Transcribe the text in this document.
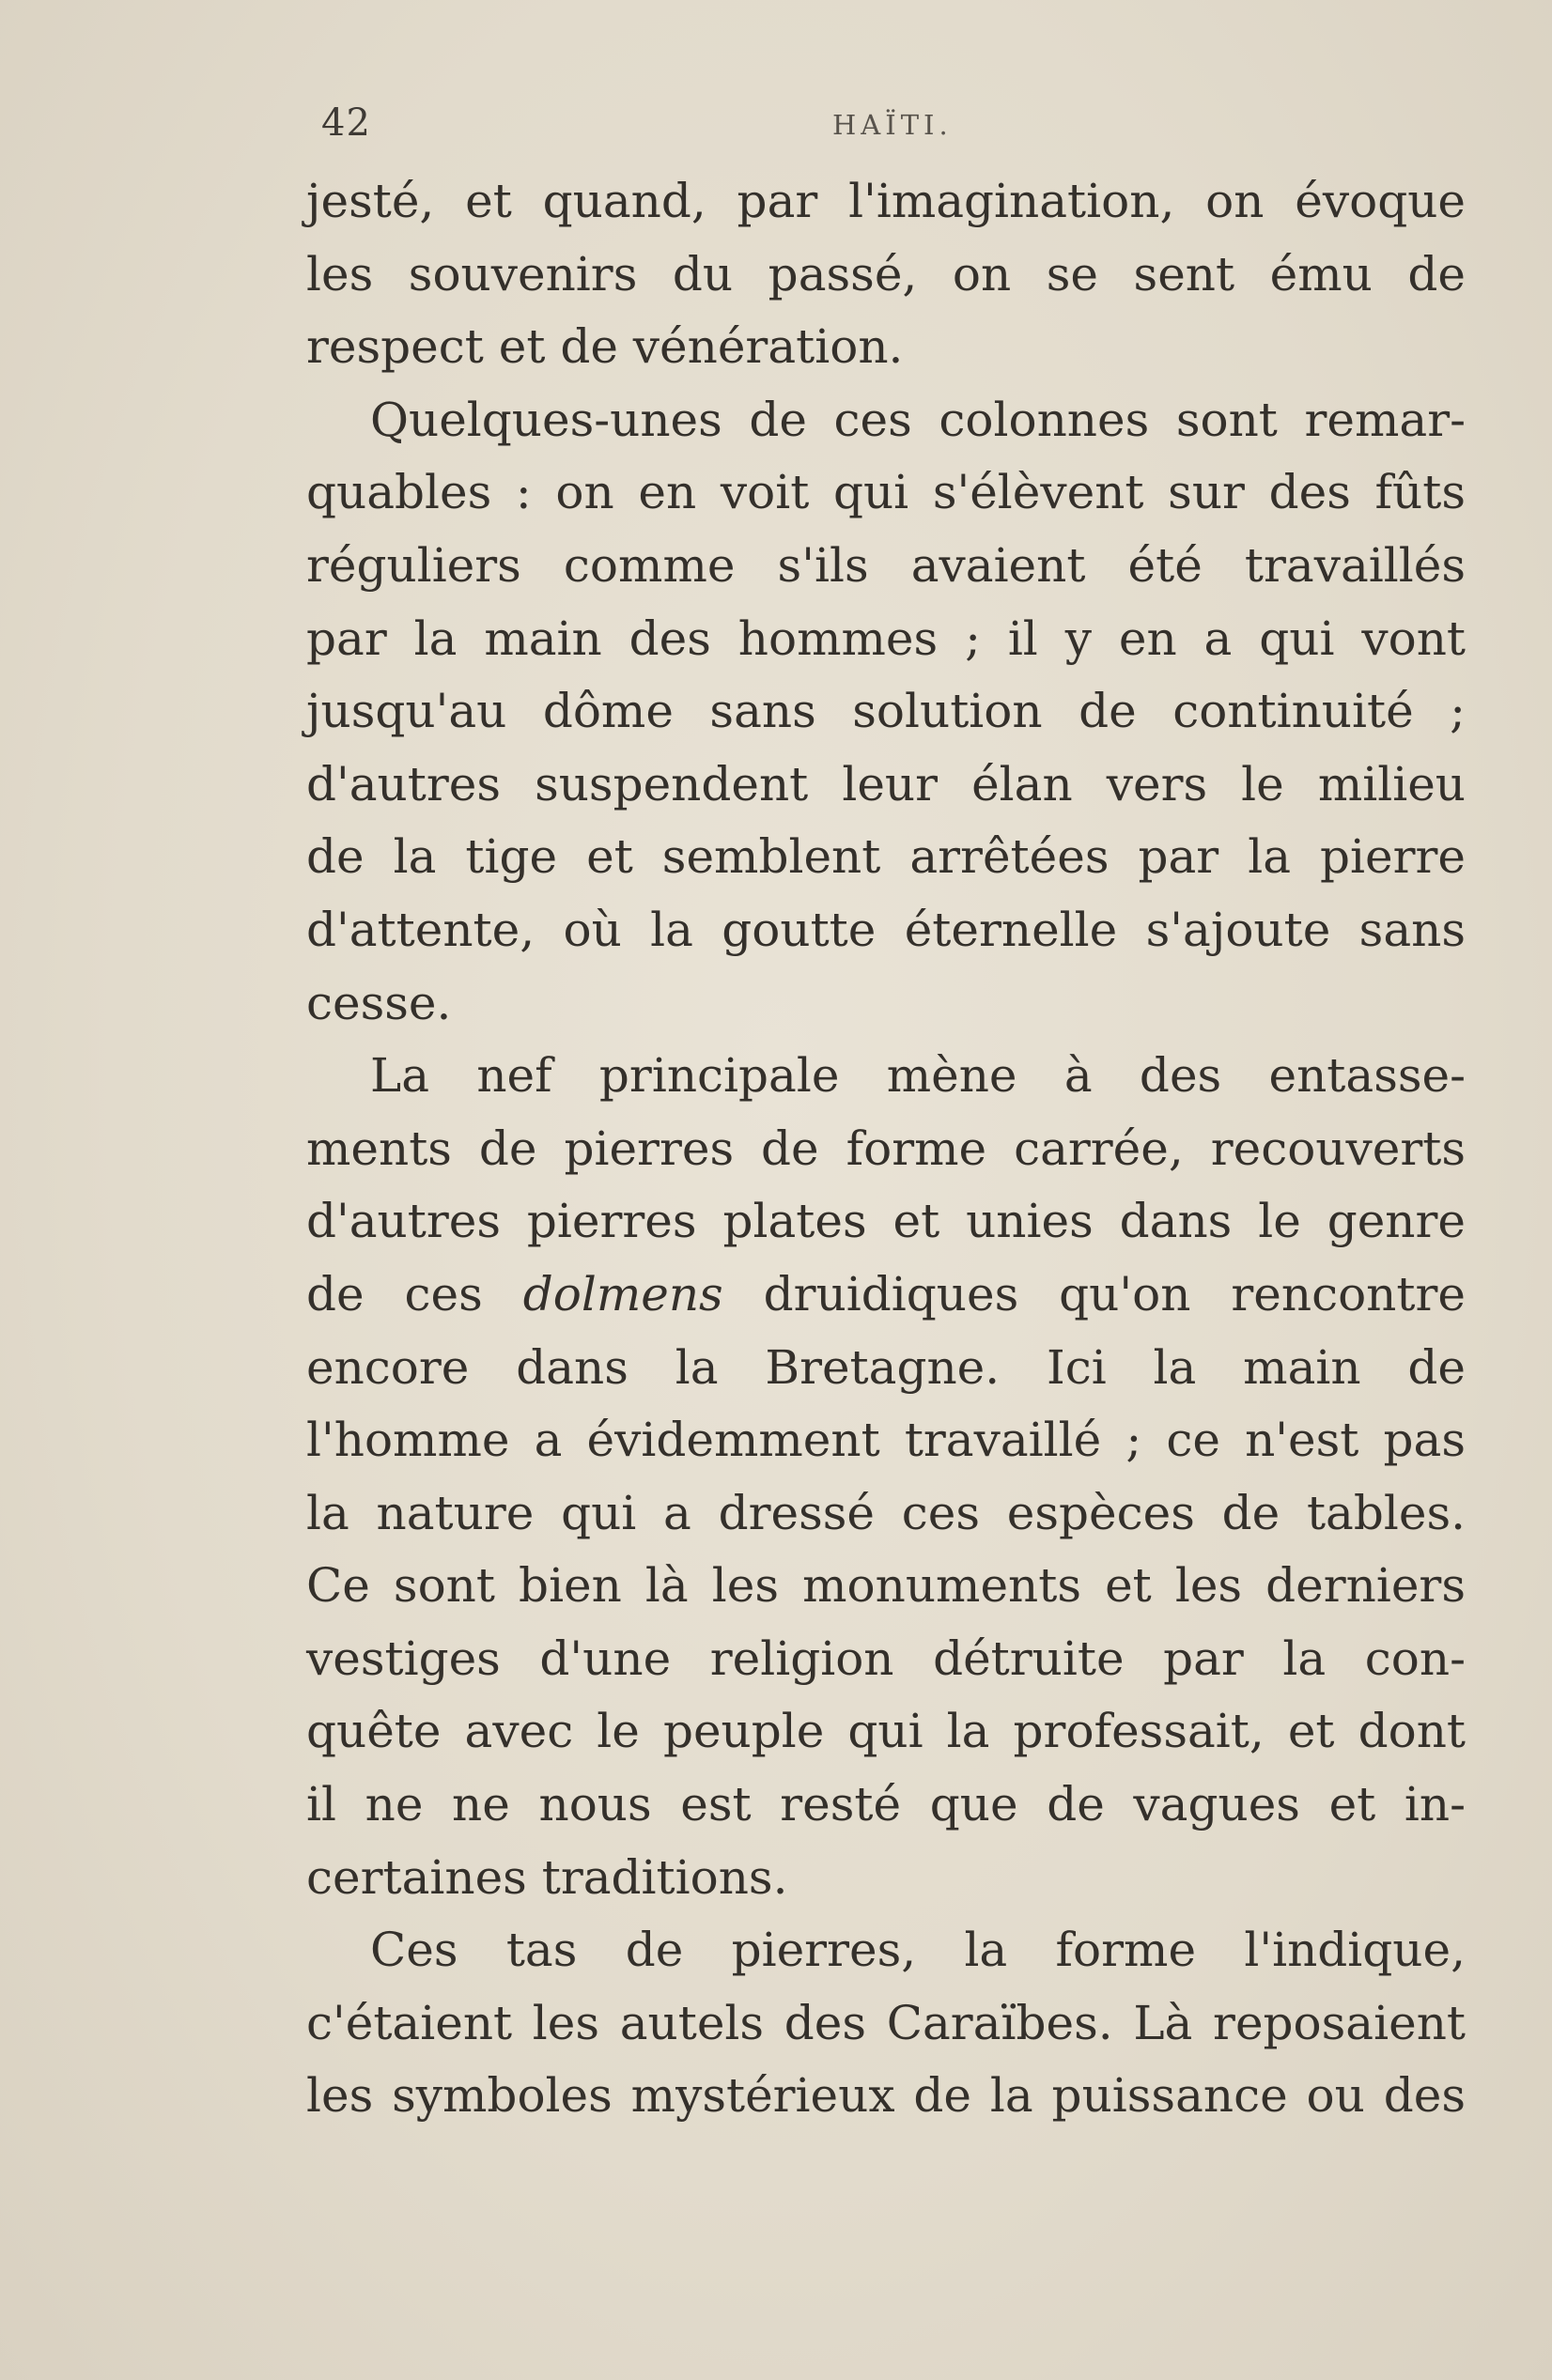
42	HAÏTI.
jesté, et quand, par l'imagination, on évoque
les souvenirs du passé, on se sent ému de
respect et de vénération.
Quelques-unes de ces colonnes sont remar-
quables : on en voit qui s'élèvent sur des fûts
réguliers comme s'ils avaient été travaillés
par la main des hommes ; il y en a qui vont
jusqu'au dôme sans solution de continuité ;
d'autres suspendent leur élan vers le milieu
de la tige et semblent arrêtées par la pierre
d'attente, où la goutte éternelle s'ajoute sans
cesse.
La nef principale mène à des entasse-
ments de pierres de forme carrée, recouverts
d'autres pierres plates et unies dans le genre
de ces dolmens druidiques qu'on rencontre
encore dans la Bretagne. Ici la main de
l'homme a évidemment travaillé ; ce n'est pas
la nature qui a dressé ces espèces de tables.
Ce sont bien là les monuments et les derniers
vestiges d'une religion détruite par la con-
quête avec le peuple qui la professait, et dont
il ne ne nous est resté que de vagues et in-
certaines traditions.
Ces tas de pierres, la forme l'indique,
c'étaient les autels des Caraïbes. Là reposaient
les symboles mystérieux de la puissance ou des
